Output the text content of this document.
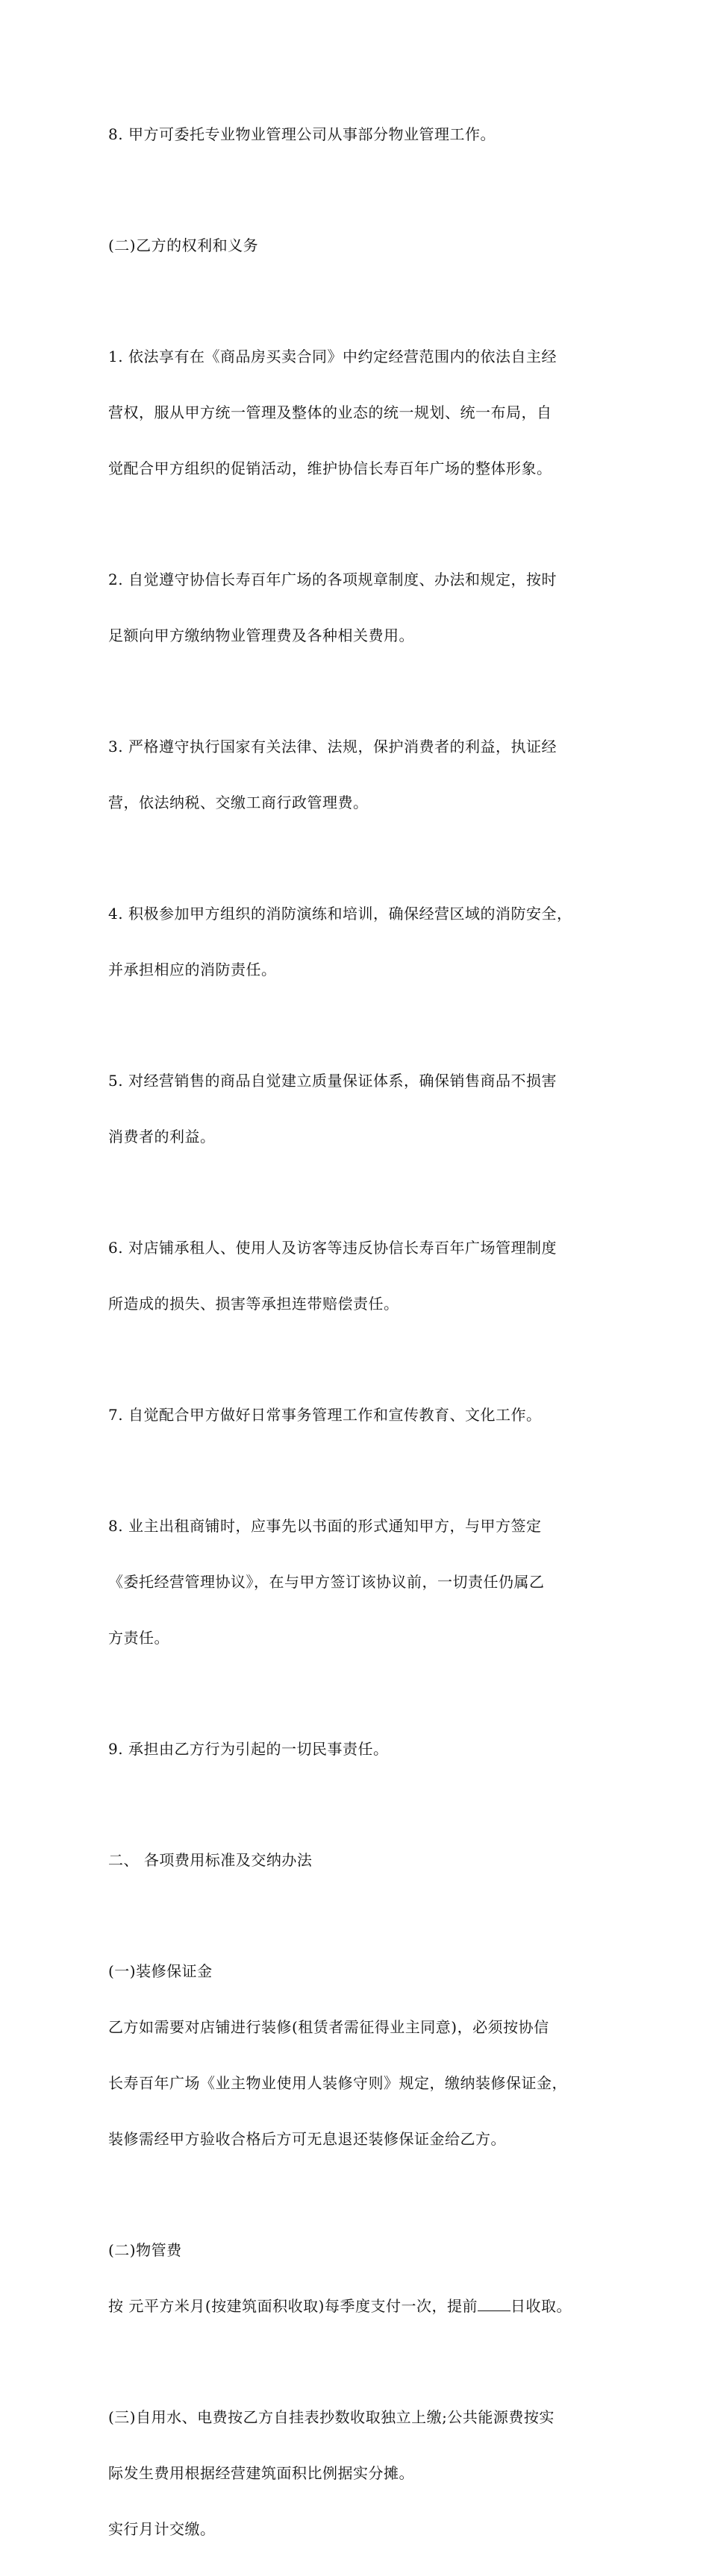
8. 甲方可委托专业物业管理公司从事部分物业管理工作。

(二)乙方的权利和义务

1. 依法享有在《商品房买卖合同》中约定经营范围内的依法自主经

营权，服从甲方统一管理及整体的业态的统一规划、统一布局，自

觉配合甲方组织的促销活动，维护协信长寿百年广场的整体形象。

2. 自觉遵守协信长寿百年广场的各项规章制度、办法和规定，按时

足额向甲方缴纳物业管理费及各种相关费用。

3. 严格遵守执行国家有关法律、法规，保护消费者的利益，执证经

营，依法纳税、交缴工商行政管理费。

4. 积极参加甲方组织的消防演练和培训，确保经营区域的消防安全，

并承担相应的消防责任。

5. 对经营销售的商品自觉建立质量保证体系，确保销售商品不损害

消费者的利益。

6. 对店铺承租人、使用人及访客等违反协信长寿百年广场管理制度

所造成的损失、损害等承担连带赔偿责任。

7. 自觉配合甲方做好日常事务管理工作和宣传教育、文化工作。

8. 业主出租商铺时，应事先以书面的形式通知甲方，与甲方签定

《委托经营管理协议》，在与甲方签订该协议前，一切责任仍属乙

方责任。

9. 承担由乙方行为引起的一切民事责任。

二、 各项费用标准及交纳办法

(一)装修保证金

乙方如需要对店铺进行装修(租赁者需征得业主同意)，必须按协信

长寿百年广场《业主物业使用人装修守则》规定，缴纳装修保证金，

装修需经甲方验收合格后方可无息退还装修保证金给乙方。

(二)物管费

按 元平方米月(按建筑面积收取)每季度支付一次，提前 日收取。

(三)自用水、电费按乙方自挂表抄数收取独立上缴;公共能源费按实

际发生费用根据经营建筑面积比例据实分摊。

实行月计交缴。
